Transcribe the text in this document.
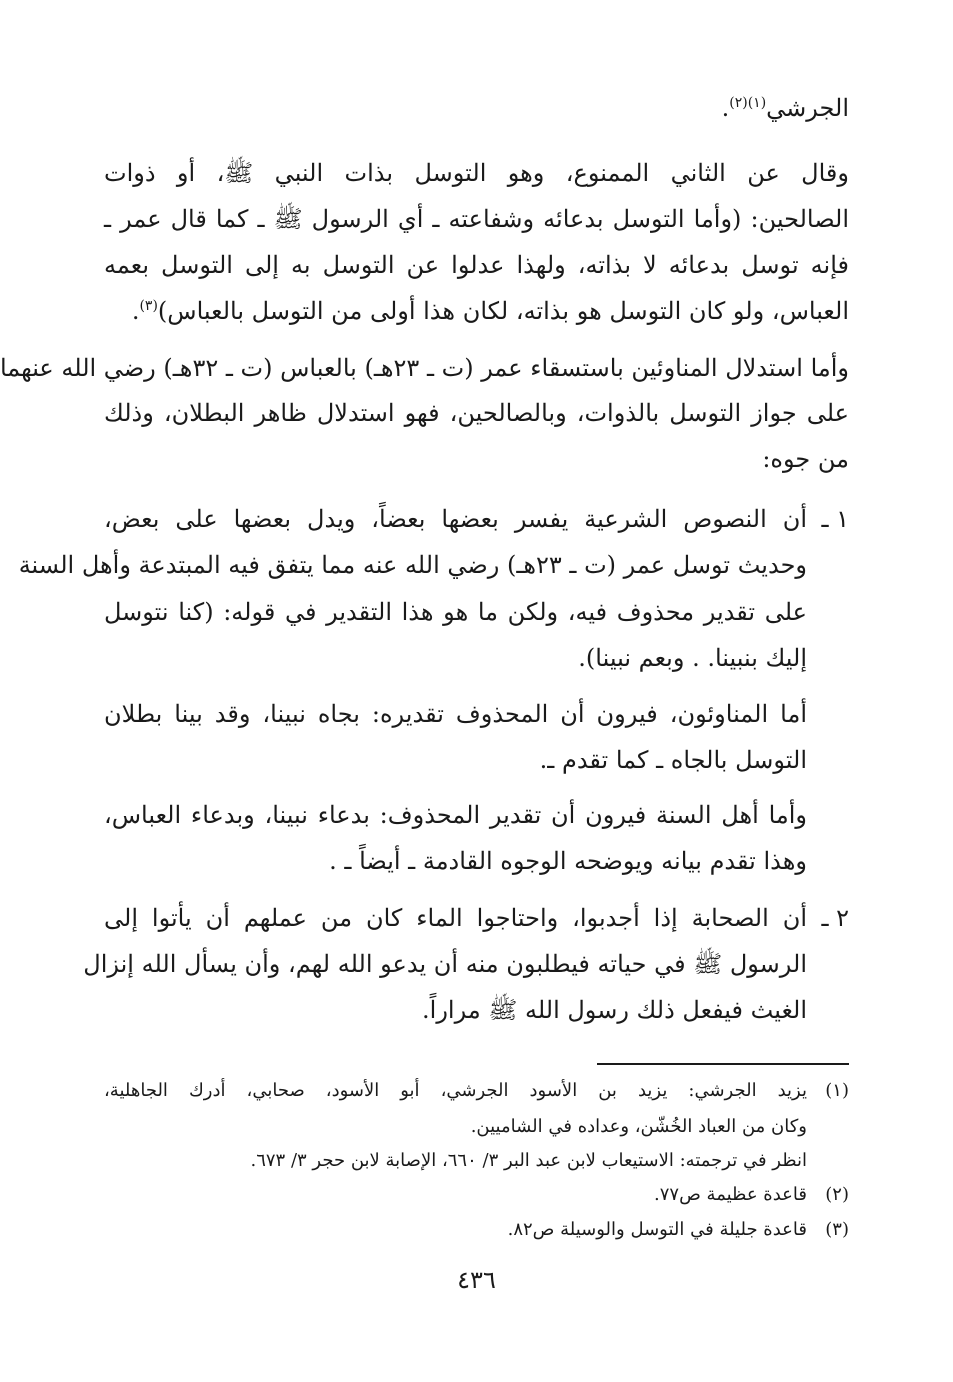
الجرشي$^{(١)(٢)}$.
وقال عن الثاني الممنوع، وهو التوسل بذات النبي ﷺ، أو ذوات
الصالحين: (وأما التوسل بدعائه وشفاعته ـ أي الرسول ﷺ ـ كما قال عمر ـ
فإنه توسل بدعائه لا بذاته، ولهذا عدلوا عن التوسل به إلى التوسل بعمه
العباس، ولو كان التوسل هو بذاته، لكان هذا أولى من التوسل بالعباس)$^{(٣)}$.
وأما استدلال المناوئين باستسقاء عمر (ت ـ ٢٣هـ) بالعباس (ت ـ ٣٢هـ) رضي الله عنهما
على جواز التوسل بالذوات، وبالصالحين، فهو استدلال ظاهر البطلان، وذلك
من جوه:
١ ـ
أن النصوص الشرعية يفسر بعضها بعضاً، ويدل بعضها على بعض،
وحديث توسل عمر (ت ـ ٢٣هـ) رضي الله عنه مما يتفق فيه المبتدعة وأهل السنة
على تقدير محذوف فيه، ولكن ما هو هذا التقدير في قوله: (كنا نتوسل
إليك بنبينا. . وبعم نبينا).
أما المناوئون، فيرون أن المحذوف تقديره: بجاه نبينا، وقد بينا بطلان
التوسل بالجاه ـ كما تقدم ـ.
وأما أهل السنة فيرون أن تقدير المحذوف: بدعاء نبينا، وبدعاء العباس،
وهذا تقدم بيانه ويوضحه الوجوه القادمة ـ أيضاً ـ .
٢ ـ
أن الصحابة إذا أجدبوا، واحتاجوا الماء كان من عملهم أن يأتوا إلى
الرسول ﷺ في حياته فيطلبون منه أن يدعو الله لهم، وأن يسأل الله إنزال
الغيث فيفعل ذلك رسول الله ﷺ مراراً.
(١)
يزيد الجرشي: يزيد بن الأسود الجرشي، أبو الأسود، صحابي، أدرك الجاهلية،
وكان من العباد الخُشّن، وعداده في الشاميين.
انظر في ترجمته: الاستيعاب لابن عبد البر ٣/ ٦٦٠، الإصابة لابن حجر ٣/ ٦٧٣.
(٢)
قاعدة عظيمة ص٧٧.
(٣)
قاعدة جليلة في التوسل والوسيلة ص٨٢.
٤٣٦
